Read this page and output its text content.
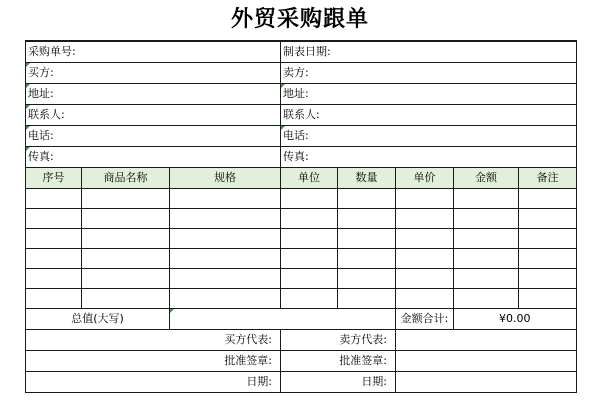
外贸采购跟单
采购单号:			制表日期:				

买方:			卖方:				

地址:			地址:				

联系人:			联系人:				

电话:			电话:				

传真:			传真:				
序号	商品名称	规格	单位	数量	单价	金额	备注

总值(大写)					金额合计:	¥0.00	
买方代表:			卖方代表:				
批准签章:			批准签章:				
日期:			日期:				
